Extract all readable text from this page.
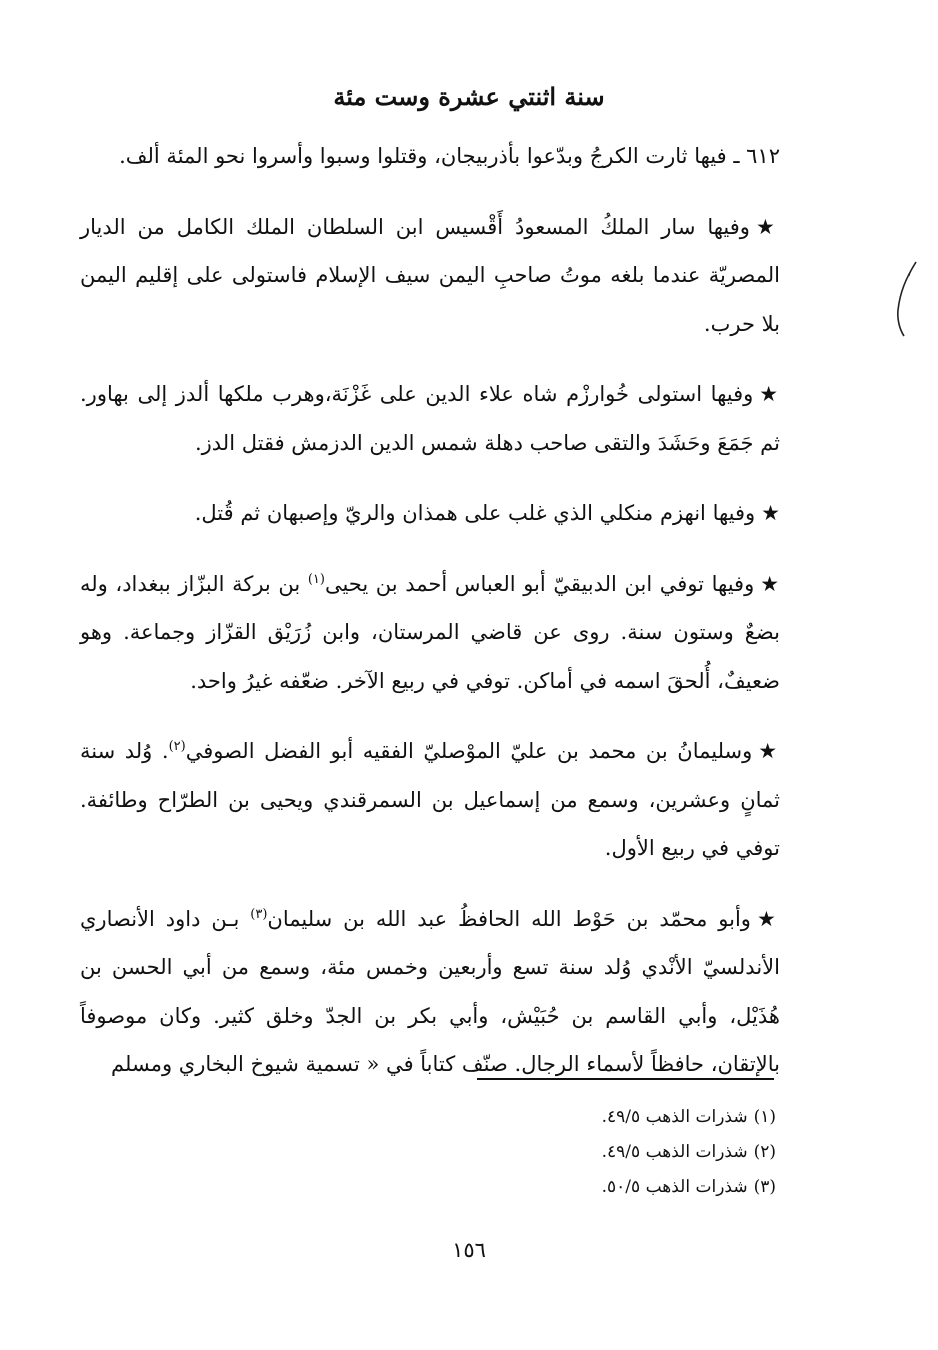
سنة اثنتي عشرة وست مئة

٦١٢ ـ فيها ثارت الكرجُ وبدّعوا بأذربيجان، وقتلوا وسبوا وأسروا نحو المئة ألف.

★وفيها سار الملكُ المسعودُ أَقْسيس ابن السلطان الملك الكامل من الديار المصريّة عندما بلغه موتُ صاحبِ اليمن سيف الإسلام فاستولى على إقليم اليمن بلا حرب.

★وفيها استولى خُوارزْم شاه علاء الدين على غَزْنَة،وهرب ملكها ألدز إلى بهاور. ثم جَمَعَ وحَشَدَ والتقى صاحب دهلة شمس الدين الدزمش فقتل الدز.

★وفيها انهزم منكلي الذي غلب على همذان والريّ وإصبهان ثم قُتل.

★وفيها توفي ابن الدبيقيّ أبو العباس أحمد بن يحيى$^{(١)}$ بن بركة البزّاز ببغداد، وله بضعٌ وستون سنة. روى عن قاضي المرستان، وابن زُرَيْق القزّاز وجماعة. وهو ضعيفٌ، أُلحقَ اسمه في أماكن. توفي في ربيع الآخر. ضعّفه غيرُ واحد.

★وسليمانُ بن محمد بن عليّ الموْصليّ الفقيه أبو الفضل الصوفي$^{(٢)}$. وُلد سنة ثمانٍ وعشرين، وسمع من إسماعيل بن السمرقندي ويحيى بن الطرّاح وطائفة. توفي في ربيع الأول.

★وأبو محمّد بن حَوْط الله الحافظُ عبد الله بن سليمان$^{(٣)}$ بـن داود الأنصاري الأندلسيّ الأنْدي وُلد سنة تسع وأربعين وخمس مئة، وسمع من أبي الحسن بن هُذَيْل، وأبي القاسم بن حُبَيْش، وأبي بكر بن الجدّ وخلق كثير. وكان موصوفاً بالإتقان، حافظاً لأسماء الرجال. صنّف كتاباً في « تسمية شيوخ البخاري ومسلم

(١)شذرات الذهب ٤٩/٥.
(٢)شذرات الذهب ٤٩/٥.
(٣)شذرات الذهب ٥٠/٥.
١٥٦
